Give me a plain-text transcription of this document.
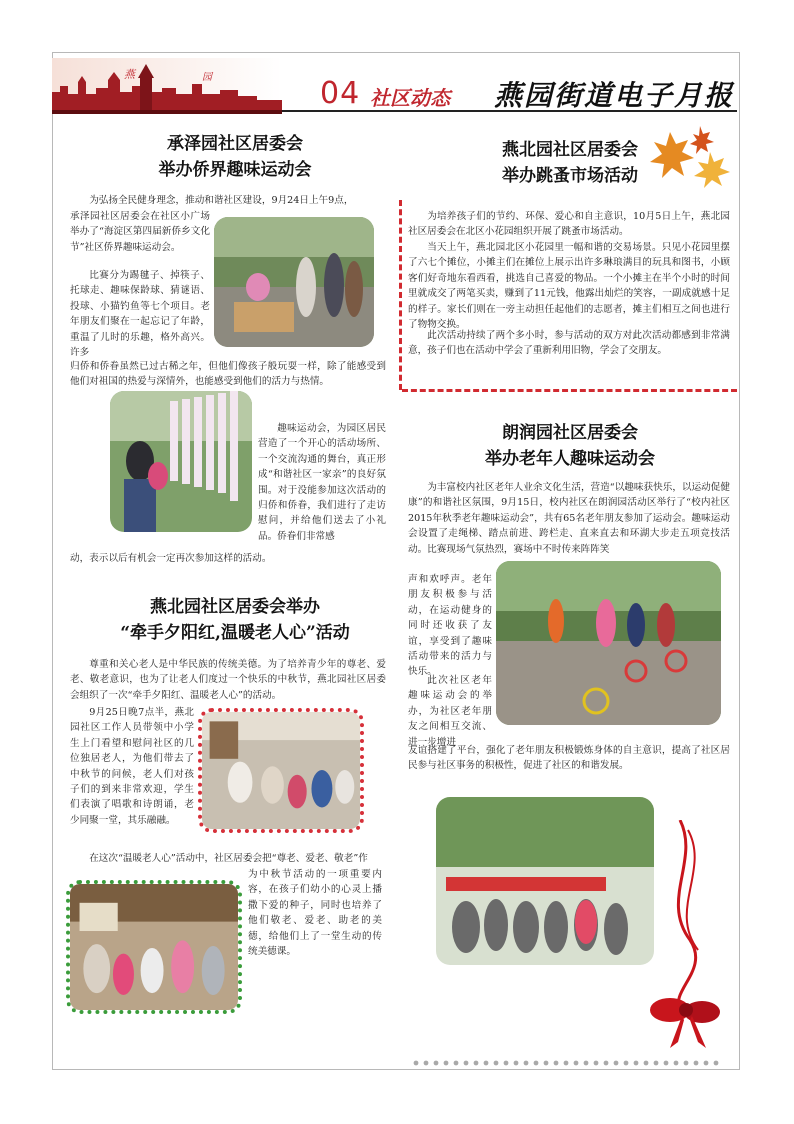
燕	园	04 社区动态 燕园街道电子月报
承泽园社区居委会
举办侨界趣味运动会

为弘扬全民健身理念，推动和谐社区建设，9月24日上午9点，

承泽园社区居委会在社区小广场举办了“海淀区第四届新侨乡文化节”社区侨界趣味运动会。

比赛分为踢毽子、掉筷子、托球走、趣味保龄球、猜谜语、投球、小猫钓鱼等七个项目。老年朋友们聚在一起忘记了年龄，重温了儿时的乐趣，格外高兴。许多

归侨和侨眷虽然已过古稀之年，但他们像孩子般玩耍一样，除了能感受到他们对祖国的热爱与深情外，也能感受到他们的活力与热情。

趣味运动会，为园区居民营造了一个开心的活动场所、一个交流沟通的舞台，真正形成“和谐社区一家亲”的良好氛围。对于没能参加这次活动的归侨和侨眷，我们进行了走访慰问，并给他们送去了小礼品。侨眷们非常感

动，表示以后有机会一定再次参加这样的活动。

燕北园社区居委会举办
“牵手夕阳红,温暖老人心”活动

尊重和关心老人是中华民族的传统美德。为了培养青少年的尊老、爱老、敬老意识，也为了让老人们度过一个快乐的中秋节，燕北园社区居委会组织了一次“牵手夕阳红、温暖老人心”的活动。

9月25日晚7点半，燕北园社区工作人员带领中小学生上门看望和慰问社区的几位独居老人，为他们带去了中秋节的问候，老人们对孩子们的到来非常欢迎，学生们表演了唱歌和诗朗诵，老少同聚一堂，其乐融融。

在这次“温暖老人心”活动中，社区居委会把“尊老、爱老、敬老”作

为中秋节活动的一项重要内容，在孩子们幼小的心灵上播撒下爱的种子，同时也培养了他们敬老、爱老、助老的美德，给他们上了一堂生动的传统美德课。

燕北园社区居委会
举办跳蚤市场活动

为培养孩子们的节约、环保、爱心和自主意识，10月5日上午，燕北园社区居委会在北区小花园组织开展了跳蚤市场活动。

当天上午，燕北园北区小花园里一幅和谐的交易场景。只见小花园里摆了六七个摊位，小摊主们在摊位上展示出许多琳琅满目的玩具和图书，小顾客们好奇地东看西看，挑选自己喜爱的物品。一个小摊主在半个小时的时间里就成交了两笔买卖，赚到了11元钱，他露出灿烂的笑容，一副成就感十足的样子。家长们则在一旁主动担任起他们的志愿者，摊主们相互之间也进行了物物交换。

此次活动持续了两个多小时，参与活动的双方对此次活动都感到非常满意，孩子们也在活动中学会了重新利用旧物，学会了交朋友。

朗润园社区居委会
举办老年人趣味运动会

为丰富校内社区老年人业余文化生活，营造“以趣味获快乐，以运动促健康”的和谐社区氛围，9月15日，校内社区在朗润园活动区举行了“校内社区2015年秋季老年趣味运动会”，共有65名老年朋友参加了运动会。趣味运动会设置了走绳梯、踏点前进、跨栏走、直来直去和环湖大步走五项竞技活动。比赛现场气氛热烈，赛场中不时传来阵阵笑

声和欢呼声。老年朋友积极参与活动，在运动健身的同时还收获了友谊，享受到了趣味活动带来的活力与快乐。

此次社区老年趣味运动会的举办，为社区老年朋友之间相互交流、进一步增进

友谊搭建了平台，强化了老年朋友积极锻炼身体的自主意识，提高了社区居民参与社区事务的积极性，促进了社区的和谐发展。
